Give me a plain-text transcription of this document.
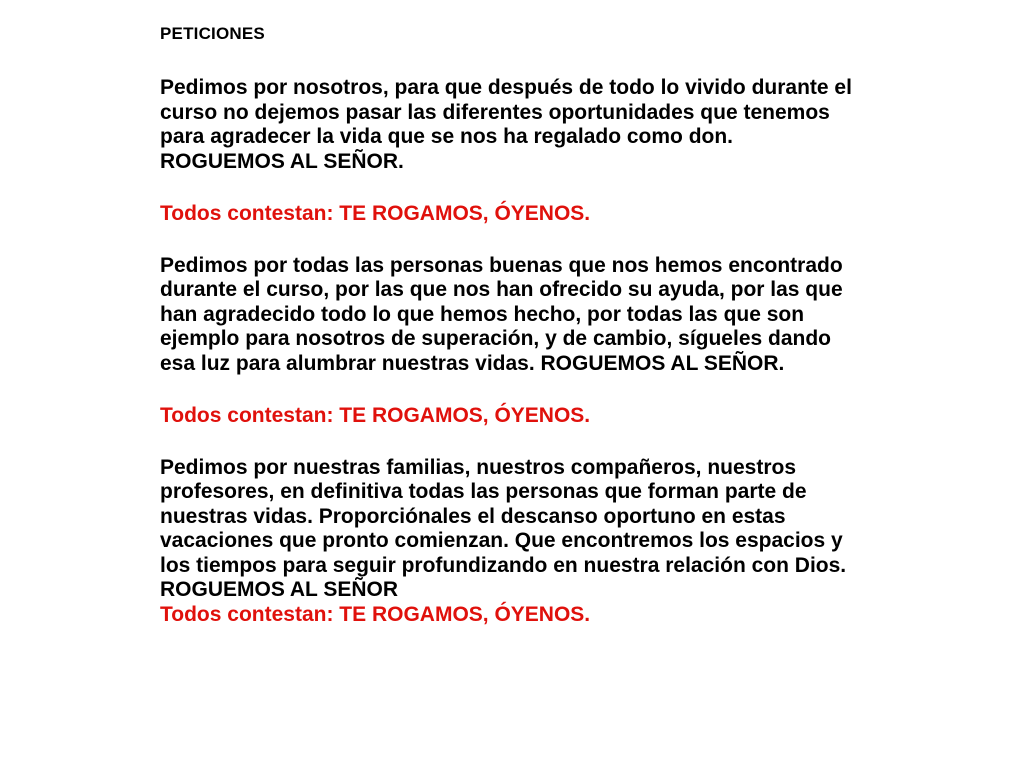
PETICIONES

Pedimos por nosotros, para que después de todo lo vivido durante el curso no dejemos pasar las diferentes oportunidades que tenemos para agradecer la vida que se nos ha regalado como don. ROGUEMOS AL SEÑOR.

Todos contestan: TE ROGAMOS, ÓYENOS.

Pedimos por todas las personas buenas que nos hemos encontrado durante el curso, por las que nos han ofrecido su ayuda, por las que han agradecido todo lo que hemos hecho, por todas las que son ejemplo para nosotros de superación, y de cambio, sígueles dando esa luz para alumbrar nuestras vidas. ROGUEMOS AL SEÑOR.

Todos contestan: TE ROGAMOS, ÓYENOS.

Pedimos por nuestras familias, nuestros compañeros, nuestros profesores, en definitiva todas las personas que forman parte de nuestras vidas. Proporciónales el descanso oportuno en estas vacaciones que pronto comienzan. Que encontremos los espacios y los tiempos para seguir profundizando en nuestra relación con Dios. ROGUEMOS AL SEÑOR

Todos contestan: TE ROGAMOS, ÓYENOS.
